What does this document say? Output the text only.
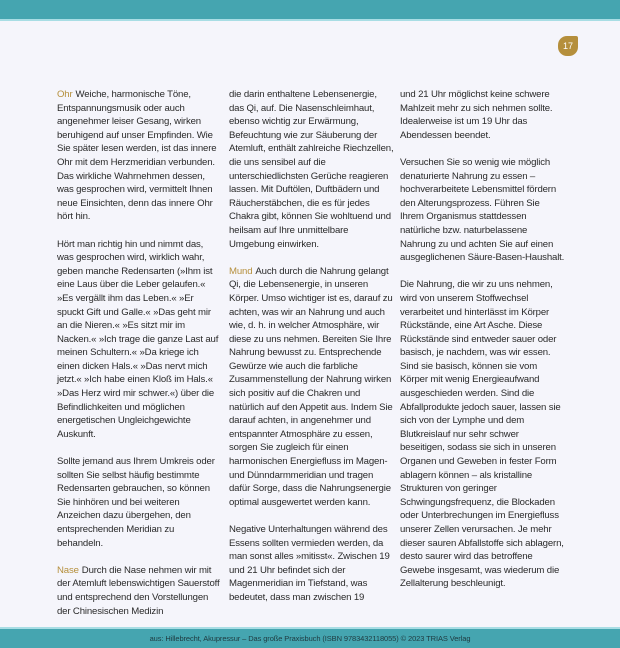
17

Ohr Weiche, harmonische Töne, Entspannungsmusik oder auch angenehmer leiser Gesang, wirken beruhigend auf unser Empfinden. Wie Sie später lesen werden, ist das innere Ohr mit dem Herzmeridian verbunden. Das wirkliche Wahrnehmen dessen, was gesprochen wird, vermittelt Ihnen neue Einsichten, denn das innere Ohr hört hin.

Hört man richtig hin und nimmt das, was gesprochen wird, wirklich wahr, geben manche Redensarten (»Ihm ist eine Laus über die Leber gelaufen.« »Es vergällt ihm das Leben.« »Er spuckt Gift und Galle.« »Das geht mir an die Nieren.« »Es sitzt mir im Nacken.« »Ich trage die ganze Last auf meinen Schultern.« »Da kriege ich einen dicken Hals.« »Das nervt mich jetzt.« »Ich habe einen Kloß im Hals.« »Das Herz wird mir schwer.«) über die Befindlichkeiten und möglichen energetischen Ungleichgewichte Auskunft.

Sollte jemand aus Ihrem Umkreis oder sollten Sie selbst häufig bestimmte Redensarten gebrauchen, so können Sie hinhören und bei weiteren Anzeichen dazu übergehen, den entsprechenden Meridian zu behandeln.

Nase Durch die Nase nehmen wir mit der Atemluft lebenswichtigen Sauerstoff und entsprechend den Vorstellungen der Chinesischen Medizin

die darin enthaltene Lebensenergie, das Qi, auf. Die Nasenschleimhaut, ebenso wichtig zur Erwärmung, Befeuchtung wie zur Säuberung der Atemluft, enthält zahlreiche Riechzellen, die uns sensibel auf die unterschiedlichsten Gerüche reagieren lassen. Mit Duftölen, Duftbädern und Räucherstäbchen, die es für jedes Chakra gibt, können Sie wohltuend und heilsam auf Ihre unmittelbare Umgebung einwirken.

Mund Auch durch die Nahrung gelangt Qi, die Lebensenergie, in unseren Körper. Umso wichtiger ist es, darauf zu achten, was wir an Nahrung und auch wie, d. h. in welcher Atmosphäre, wir diese zu uns nehmen. Bereiten Sie Ihre Nahrung bewusst zu. Entsprechende Gewürze wie auch die farbliche Zusammenstellung der Nahrung wirken sich positiv auf die Chakren und natürlich auf den Appetit aus. Indem Sie darauf achten, in angenehmer und entspannter Atmosphäre zu essen, sorgen Sie zugleich für einen harmonischen Energiefluss im Magen- und Dünndarmmeridian und tragen dafür Sorge, dass die Nahrungsenergie optimal ausgewertet werden kann.

Negative Unterhaltungen während des Essens sollten vermieden werden, da man sonst alles »mitisst«. Zwischen 19 und 21 Uhr befindet sich der Magenmeridian im Tiefstand, was bedeutet, dass man zwischen 19

und 21 Uhr möglichst keine schwere Mahlzeit mehr zu sich nehmen sollte. Idealerweise ist um 19 Uhr das Abendessen beendet.

Versuchen Sie so wenig wie möglich denaturierte Nahrung zu essen – hochverarbeitete Lebensmittel fördern den Alterungsprozess. Führen Sie Ihrem Organismus stattdessen natürliche bzw. naturbelassene Nahrung zu und achten Sie auf einen ausgeglichenen Säure-Basen-Haushalt.

Die Nahrung, die wir zu uns nehmen, wird von unserem Stoffwechsel verarbeitet und hinterlässt im Körper Rückstände, eine Art Asche. Diese Rückstände sind entweder sauer oder basisch, je nachdem, was wir essen. Sind sie basisch, können sie vom Körper mit wenig Energieaufwand ausgeschieden werden. Sind die Abfallprodukte jedoch sauer, lassen sie sich von der Lymphe und dem Blutkreislauf nur sehr schwer beseitigen, sodass sie sich in unseren Organen und Geweben in fester Form ablagern können – als kristalline Strukturen von geringer Schwingungsfrequenz, die Blockaden oder Unterbrechungen im Energiefluss unserer Zellen verursachen. Je mehr dieser sauren Abfallstoffe sich ablagern, desto saurer wird das betroffene Gewebe insgesamt, was wiederum die Zellalterung beschleunigt.

aus: Hillebrecht, Akupressur – Das große Praxisbuch (ISBN 9783432118055) © 2023 TRIAS Verlag
